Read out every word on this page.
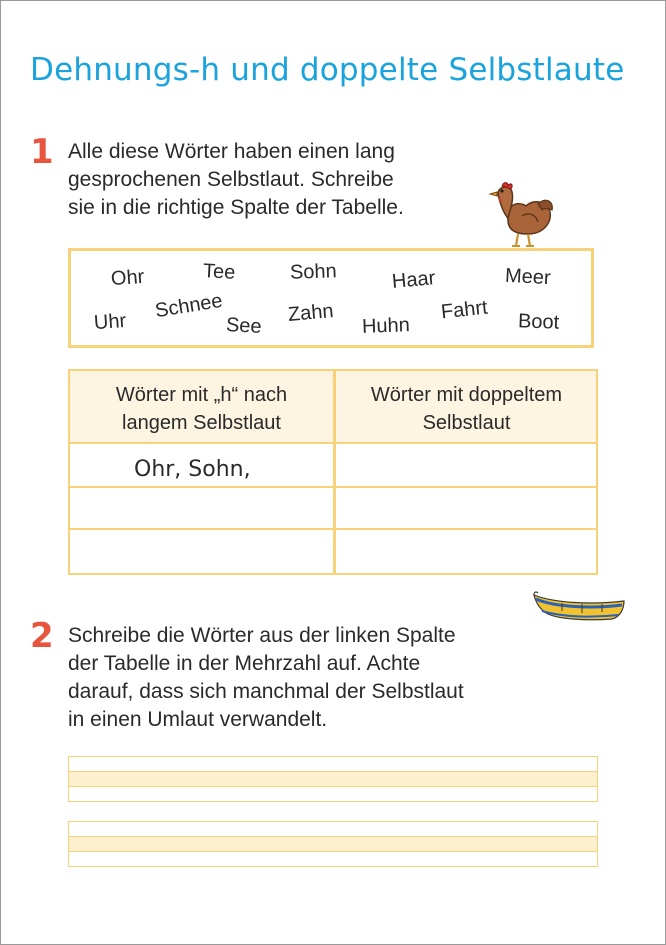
Dehnungs-h und doppelte Selbstlaute
1 Alle diese Wörter haben einen lang
gesprochenen Selbstlaut. Schreibe
sie in die richtige Spalte der Tabelle.
Ohr	Tee	Sohn	Haar	Meer
Uhr Schnee
See
Zahn
Huhn
Fahrt Boot
Wörter mit „h“ nach
langem Selbstlaut
Wörter mit doppeltem
Selbstlaut
Ohr, Sohn,
2 Schreibe die Wörter aus der linken Spalte
der Tabelle in der Mehrzahl auf. Achte
darauf, dass sich manchmal der Selbstlaut
in einen Umlaut verwandelt.
